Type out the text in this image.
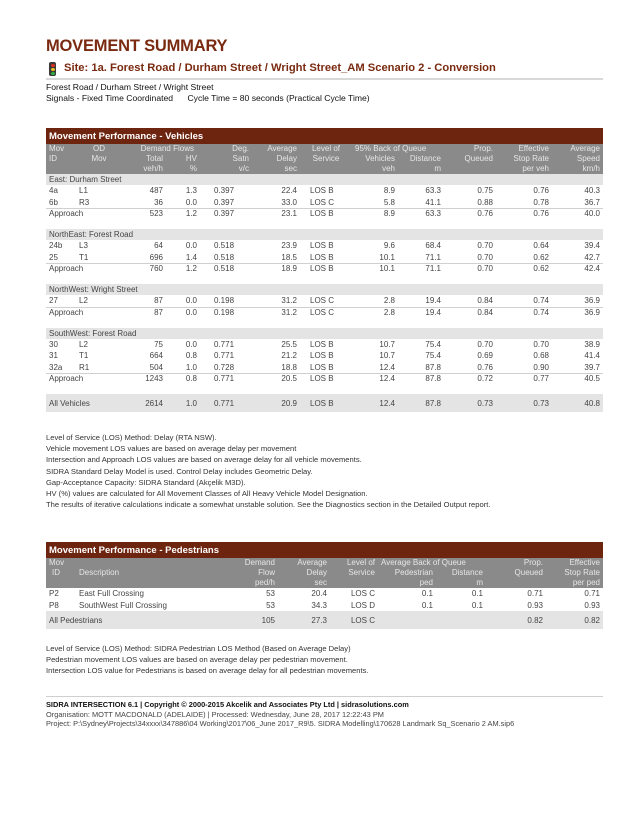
MOVEMENT SUMMARY
Site: 1a. Forest Road / Durham Street / Wright Street_AM Scenario 2 - Conversion
Forest Road / Durham Street / Wright Street
Signals - Fixed Time Coordinated Cycle Time = 80 seconds (Practical Cycle Time)
Movement Performance - Vehicles											
Mov	OD	Demand Flows		Deg.	Average	Level of	95% Back of Queue		Prop.	Effective	Average
ID	Mov	Total	HV	Satn	Delay	Service	Vehicles	Distance	Queued	Stop Rate	Speed
		veh/h	%	v/c	sec		veh	m		per veh	km/h
East: Durham Street											
4a	L1	487	1.3	0.397	22.4	LOS B	8.9	63.3	0.75	0.76	40.3
6b	R3	36	0.0	0.397	33.0	LOS C	5.8	41.1	0.88	0.78	36.7
Approach		523	1.2	0.397	23.1	LOS B	8.9	63.3	0.76	0.76	40.0

NorthEast: Forest Road											
24b	L3	64	0.0	0.518	23.9	LOS B	9.6	68.4	0.70	0.64	39.4
25	T1	696	1.4	0.518	18.5	LOS B	10.1	71.1	0.70	0.62	42.7
Approach		760	1.2	0.518	18.9	LOS B	10.1	71.1	0.70	0.62	42.4

NorthWest: Wright Street											
27	L2	87	0.0	0.198	31.2	LOS C	2.8	19.4	0.84	0.74	36.9
Approach		87	0.0	0.198	31.2	LOS C	2.8	19.4	0.84	0.74	36.9

SouthWest: Forest Road											
30	L2	75	0.0	0.771	25.5	LOS B	10.7	75.4	0.70	0.70	38.9
31	T1	664	0.8	0.771	21.2	LOS B	10.7	75.4	0.69	0.68	41.4
32a	R1	504	1.0	0.728	18.8	LOS B	12.4	87.8	0.76	0.90	39.7
Approach		1243	0.8	0.771	20.5	LOS B	12.4	87.8	0.72	0.77	40.5

All Vehicles		2614	1.0	0.771	20.9	LOS B	12.4	87.8	0.73	0.73	40.8
Level of Service (LOS) Method: Delay (RTA NSW).
Vehicle movement LOS values are based on average delay per movement
Intersection and Approach LOS values are based on average delay for all vehicle movements.
SIDRA Standard Delay Model is used. Control Delay includes Geometric Delay.
Gap-Acceptance Capacity: SIDRA Standard (Akçelik M3D).
HV (%) values are calculated for All Movement Classes of All Heavy Vehicle Model Designation.
The results of iterative calculations indicate a somewhat unstable solution. See the Diagnostics section in the Detailed Output report.
Movement Performance - Pedestrians								
Mov		Demand	Average	Level of	Average Back of Queue		Prop.	Effective
ID	Description	Flow	Delay	Service	Pedestrian	Distance	Queued	Stop Rate
		ped/h	sec		ped	m		per ped
P2	East Full Crossing	53	20.4	LOS C	0.1	0.1	0.71	0.71
P8	SouthWest Full Crossing	53	34.3	LOS D	0.1	0.1	0.93	0.93
All Pedestrians		105	27.3	LOS C			0.82	0.82
Level of Service (LOS) Method: SIDRA Pedestrian LOS Method (Based on Average Delay)
Pedestrian movement LOS values are based on average delay per pedestrian movement.
Intersection LOS value for Pedestrians is based on average delay for all pedestrian movements.
SIDRA INTERSECTION 6.1 | Copyright © 2000-2015 Akcelik and Associates Pty Ltd | sidrasolutions.com
Organisation: MOTT MACDONALD (ADELAIDE) | Processed: Wednesday, June 28, 2017 12:22:43 PM
Project: P:\Sydney\Projects\34xxxx\347886\04 Working\2017\06_June 2017_R9\5. SIDRA Modelling\170628 Landmark Sq_Scenario 2 AM.sip6
